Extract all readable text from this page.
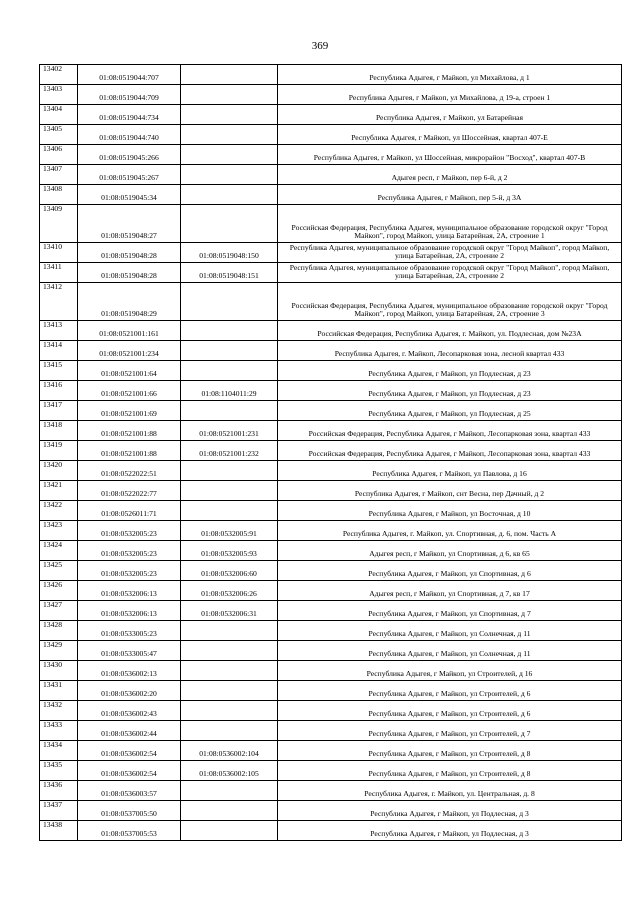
369
13402	01:08:0519044:707		Республика Адыгея, г Майкоп, ул Михайлова, д 1
13403	01:08:0519044:709		Республика Адыгея, г Майкоп, ул Михайлова, д 19-а, строен 1
13404	01:08:0519044:734		Республика Адыгея, г Майкоп, ул Батарейная
13405	01:08:0519044:740		Республика Адыгея, г Майкоп, ул Шоссейная, квартал 407-Е
13406	01:08:0519045:266		Республика Адыгея, г Майкоп, ул Шоссейная, микрорайон "Восход", квартал 407-В
13407	01:08:0519045:267		Адыгея респ, г Майкоп, пер 6-й, д 2
13408	01:08:0519045:34		Республика Адыгея, г Майкоп, пер 5-й, д 3А
13409	01:08:0519048:27		Российская Федерация, Республика Адыгея, муниципальное образование городской округ "Город Майкоп", город Майкоп, улица Батарейная, 2А, строение 1
13410	01:08:0519048:28	01:08:0519048:150	Республика Адыгея, муниципальное образование городской округ "Город Майкоп", город Майкоп, улица Батарейная, 2А, строение 2
13411	01:08:0519048:28	01:08:0519048:151	Республика Адыгея, муниципальное образование городской округ "Город Майкоп", город Майкоп, улица Батарейная, 2А, строение 2
13412	01:08:0519048:29		Российская Федерация, Республика Адыгея, муниципальное образование городской округ "Город Майкоп", город Майкоп, улица Батарейная, 2А, строение 3
13413	01:08:0521001:161		Российская Федерация, Республика Адыгея, г. Майкоп, ул. Подлесная, дом №23А
13414	01:08:0521001:234		Республика Адыгея, г. Майкоп, Лесопарковая зона, лесной квартал 433
13415	01:08:0521001:64		Республика Адыгея, г Майкоп, ул Подлесная, д 23
13416	01:08:0521001:66	01:08:1104011:29	Республика Адыгея, г Майкоп, ул Подлесная, д 23
13417	01:08:0521001:69		Республика Адыгея, г Майкоп, ул Подлесная, д 25
13418	01:08:0521001:88	01:08:0521001:231	Российская Федерация, Республика Адыгея, г Майкоп, Лесопарковая зона, квартал 433
13419	01:08:0521001:88	01:08:0521001:232	Российская Федерация, Республика Адыгея, г Майкоп, Лесопарковая зона, квартал 433
13420	01:08:0522022:51		Республика Адыгея, г Майкоп, ул Павлова, д 16
13421	01:08:0522022:77		Республика Адыгея, г Майкоп, снт Весна, пер Дачный, д 2
13422	01:08:0526011:71		Республика Адыгея, г Майкоп, ул Восточная, д 10
13423	01:08:0532005:23	01:08:0532005:91	Республика Адыгея, г. Майкоп, ул. Спортивная, д. 6, пом. Часть А
13424	01:08:0532005:23	01:08:0532005:93	Адыгея респ, г Майкоп, ул Спортивная, д 6, кв 65
13425	01:08:0532005:23	01:08:0532006:60	Республика Адыгея, г Майкоп, ул Спортивная, д 6
13426	01:08:0532006:13	01:08:0532006:26	Адыгея респ, г Майкоп, ул Спортивная, д 7, кв 17
13427	01:08:0532006:13	01:08:0532006:31	Республика Адыгея, г Майкоп, ул Спортивная, д 7
13428	01:08:0533005:23		Республика Адыгея, г Майкоп, ул Солнечная, д 11
13429	01:08:0533005:47		Республика Адыгея, г Майкоп, ул Солнечная, д 11
13430	01:08:0536002:13		Республика Адыгея, г Майкоп, ул Строителей, д 16
13431	01:08:0536002:20		Республика Адыгея, г Майкоп, ул Строителей, д 6
13432	01:08:0536002:43		Республика Адыгея, г Майкоп, ул Строителей, д 6
13433	01:08:0536002:44		Республика Адыгея, г Майкоп, ул Строителей, д 7
13434	01:08:0536002:54	01:08:0536002:104	Республика Адыгея, г Майкоп, ул Строителей, д 8
13435	01:08:0536002:54	01:08:0536002:105	Республика Адыгея, г Майкоп, ул Строителей, д 8
13436	01:08:0536003:57		Республика Адыгея, г. Майкоп, ул. Центральная, д. 8
13437	01:08:0537005:50		Республика Адыгея, г Майкоп, ул Подлесная, д 3
13438	01:08:0537005:53		Республика Адыгея, г Майкоп, ул Подлесная, д 3
